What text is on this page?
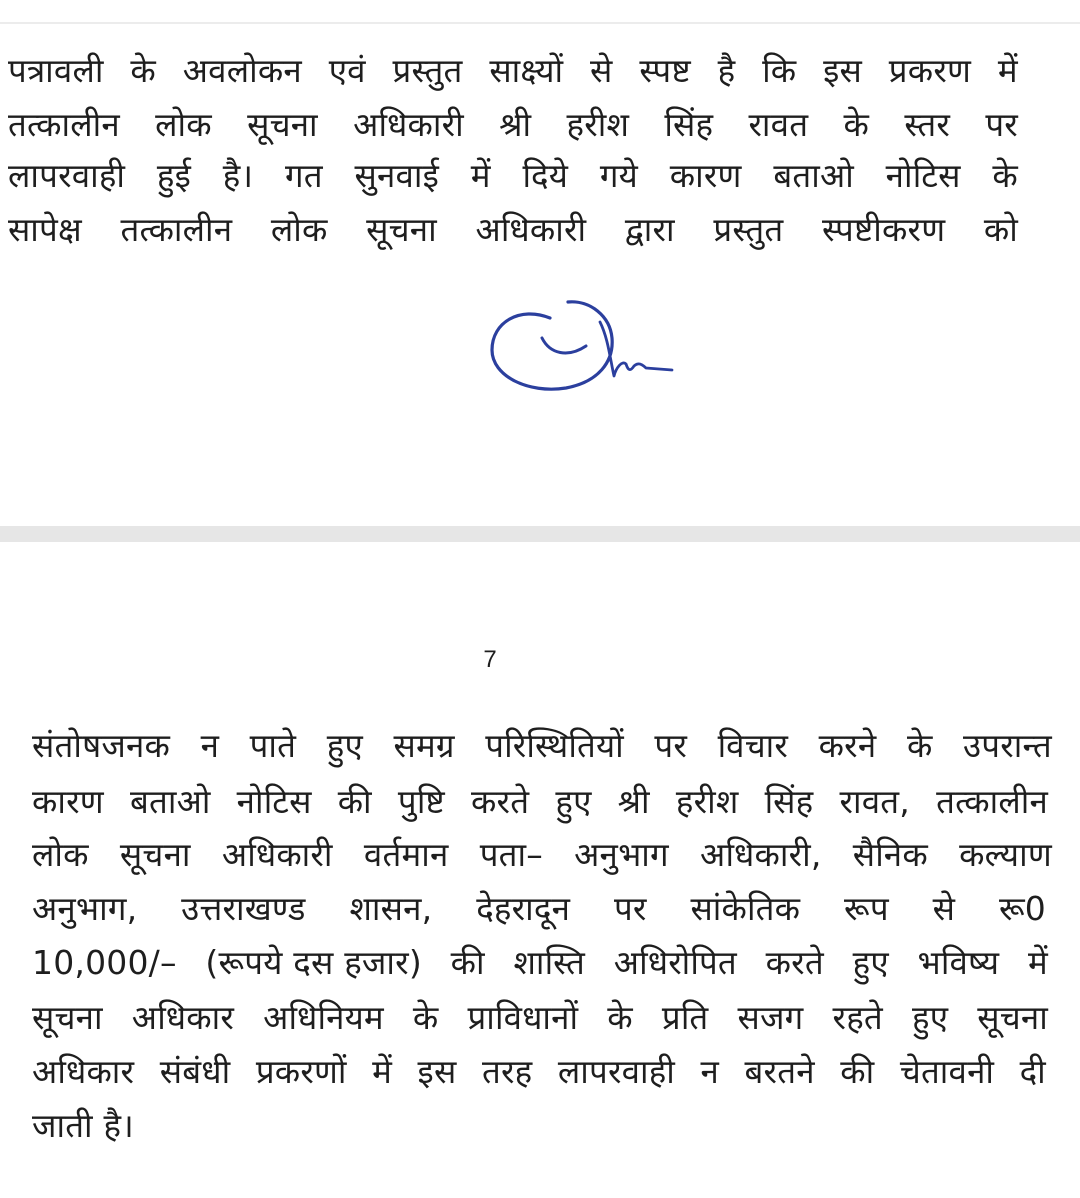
पत्रावली के अवलोकन एवं प्रस्तुत साक्ष्यों से स्पष्ट है कि इस प्रकरण में
तत्कालीन लोक सूचना अधिकारी श्री हरीश सिंह रावत के स्तर पर
लापरवाही हुई है। गत सुनवाई में दिये गये कारण बताओ नोटिस के
सापेक्ष तत्कालीन लोक सूचना अधिकारी द्वारा प्रस्तुत स्पष्टीकरण को
7
संतोषजनक न पाते हुए समग्र परिस्थितियों पर विचार करने के उपरान्त
कारण बताओ नोटिस की पुष्टि करते हुए श्री हरीश सिंह रावत, तत्कालीन
लोक सूचना अधिकारी वर्तमान पता– अनुभाग अधिकारी, सैनिक कल्याण
अनुभाग, उत्तराखण्ड शासन, देहरादून पर सांकेतिक रूप से रू0
10,000/– (रूपये दस हजार) की शास्ति अधिरोपित करते हुए भविष्य में
सूचना अधिकार अधिनियम के प्राविधानों के प्रति सजग रहते हुए सूचना
अधिकार संबंधी प्रकरणों में इस तरह लापरवाही न बरतने की चेतावनी दी
जाती है।
